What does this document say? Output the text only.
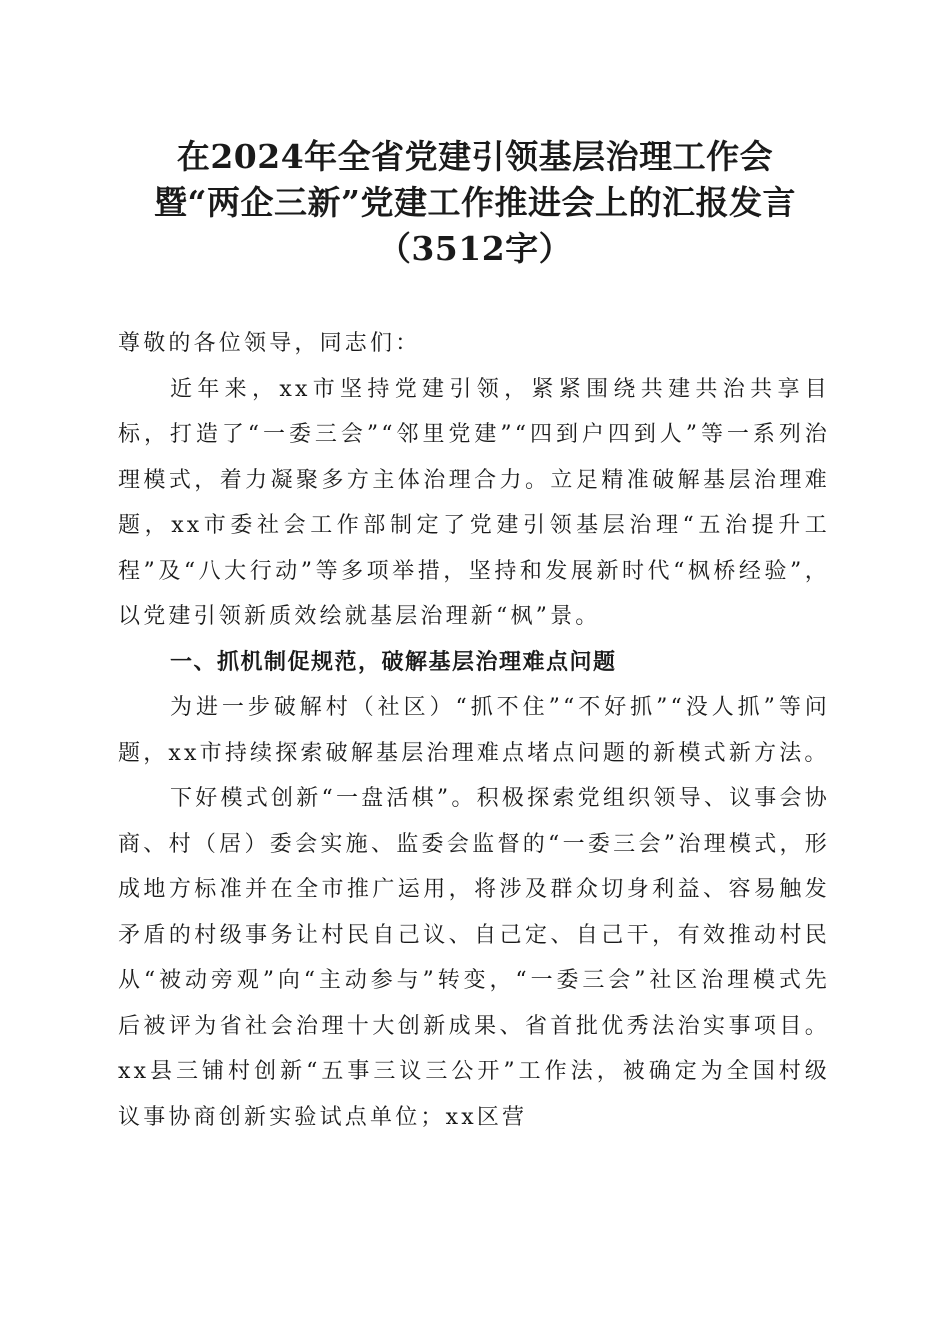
在2024年全省党建引领基层治理工作会
暨“两企三新”党建工作推进会上的汇报发言
（3512字）

尊敬的各位领导，同志们：

近年来，xx市坚持党建引领，紧紧围绕共建共治共享目标，打造了“一委三会”“邻里党建”“四到户四到人”等一系列治理模式，着力凝聚多方主体治理合力。立足精准破解基层治理难题，xx市委社会工作部制定了党建引领基层治理“五治提升工程”及“八大行动”等多项举措，坚持和发展新时代“枫桥经验”，以党建引领新质效绘就基层治理新“枫”景。

一、抓机制促规范，破解基层治理难点问题

为进一步破解村（社区）“抓不住”“不好抓”“没人抓”等问题，xx市持续探索破解基层治理难点堵点问题的新模式新方法。

下好模式创新“一盘活棋”。积极探索党组织领导、议事会协商、村（居）委会实施、监委会监督的“一委三会”治理模式，形成地方标准并在全市推广运用，将涉及群众切身利益、容易触发矛盾的村级事务让村民自己议、自己定、自己干，有效推动村民从“被动旁观”向“主动参与”转变，“一委三会”社区治理模式先后被评为省社会治理十大创新成果、省首批优秀法治实事项目。xx县三铺村创新“五事三议三公开”工作法，被确定为全国村级议事协商创新实验试点单位；xx区营
